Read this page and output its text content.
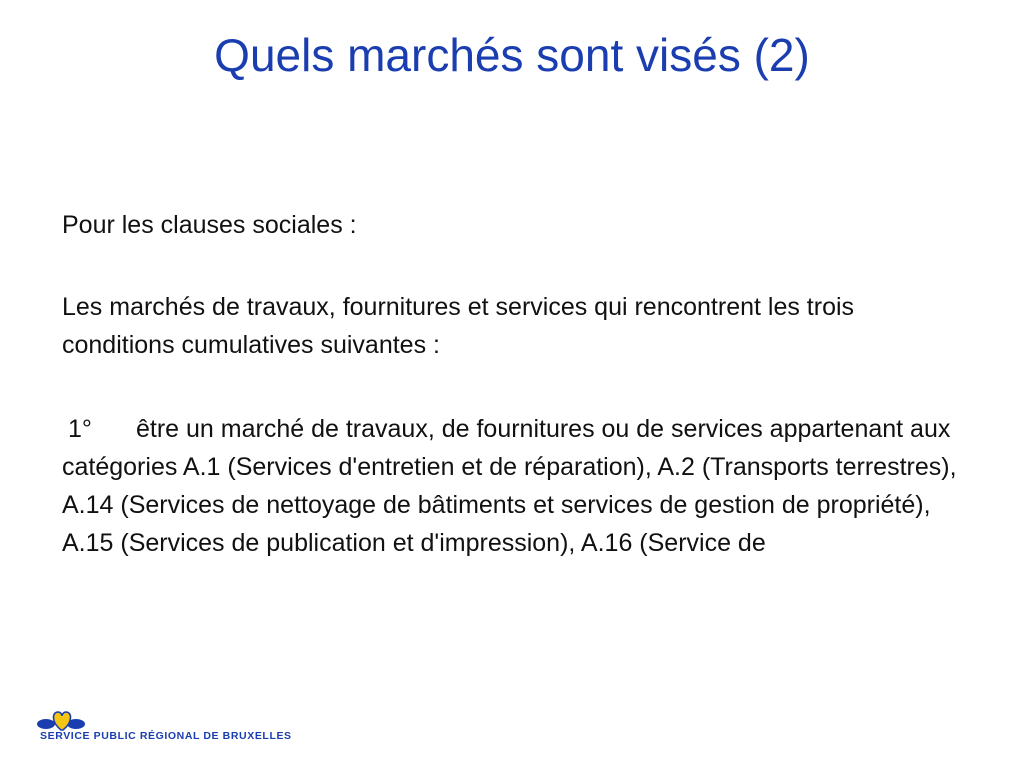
Quels marchés sont visés (2)

Pour les clauses sociales :

Les marchés de travaux, fournitures et services qui rencontrent les trois conditions cumulatives suivantes :

1° être un marché de travaux, de fournitures ou de services appartenant aux catégories A.1 (Services d'entretien et de réparation), A.2 (Transports terrestres), A.14 (Services de nettoyage de bâtiments et services de gestion de propriété), A.15 (Services de publication et d'impression), A.16 (Service de

SERVICE PUBLIC RÉGIONAL DE BRUXELLES
